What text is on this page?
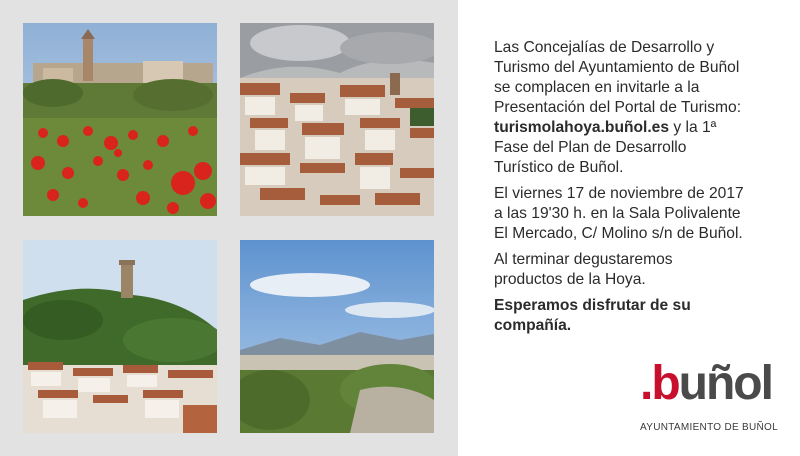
Las Concejalías de Desarrollo y
Turismo del Ayuntamiento de Buñol
se complacen en invitarle a la
Presentación del Portal de Turismo:
turismolahoya.buñol.es y la 1ª
Fase del Plan de Desarrollo
Turístico de Buñol.

El viernes 17 de noviembre de 2017
a las 19'30 h. en la Sala Polivalente
El Mercado, C/ Molino s/n de Buñol.

Al terminar degustaremos
productos de la Hoya.

Esperamos disfrutar de su
compañía.

.buñol
AYUNTAMIENTO DE BUÑOL
